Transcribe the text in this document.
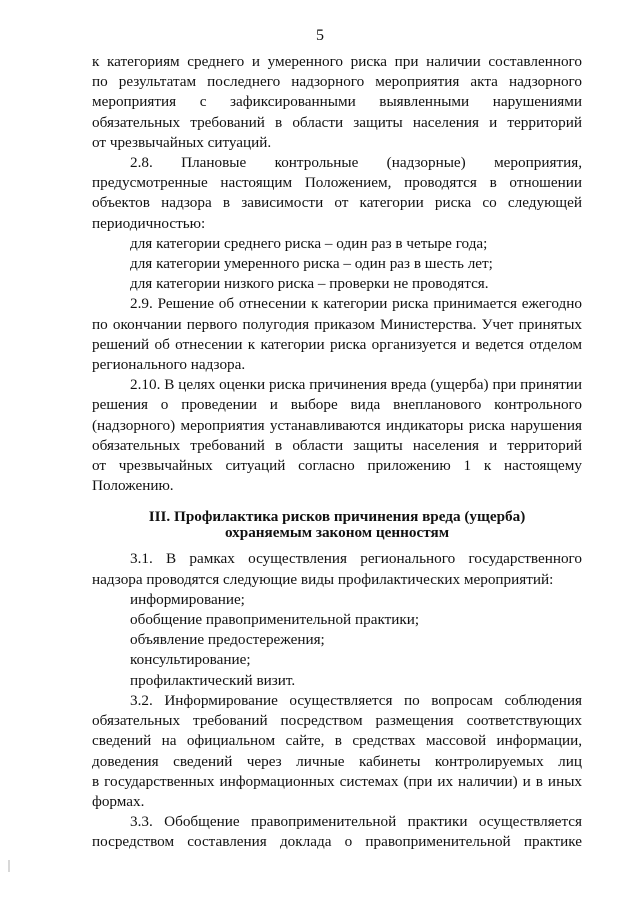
5

к категориям среднего и умеренного риска при наличии составленного

по результатам последнего надзорного мероприятия акта надзорного

мероприятия с зафиксированными выявленными нарушениями

обязательных требований в области защиты населения и территорий

от чрезвычайных ситуаций.

2.8. Плановые контрольные (надзорные) мероприятия,

предусмотренные настоящим Положением, проводятся в отношении

объектов надзора в зависимости от категории риска со следующей

периодичностью:

для категории среднего риска – один раз в четыре года;

для категории умеренного риска – один раз в шесть лет;

для категории низкого риска – проверки не проводятся.

2.9. Решение об отнесении к категории риска принимается ежегодно

по окончании первого полугодия приказом Министерства. Учет принятых

решений об отнесении к категории риска организуется и ведется отделом

регионального надзора.

2.10. В целях оценки риска причинения вреда (ущерба) при принятии

решения о проведении и выборе вида внепланового контрольного

(надзорного) мероприятия устанавливаются индикаторы риска нарушения

обязательных требований в области защиты населения и территорий

от чрезвычайных ситуаций согласно приложению 1 к настоящему

Положению.

III. Профилактика рисков причинения вреда (ущерба)

охраняемым законом ценностям

3.1. В рамках осуществления регионального государственного

надзора проводятся следующие виды профилактических мероприятий:

информирование;

обобщение правоприменительной практики;

объявление предостережения;

консультирование;

профилактический визит.

3.2. Информирование осуществляется по вопросам соблюдения

обязательных требований посредством размещения соответствующих

сведений на официальном сайте, в средствах массовой информации,

доведения сведений через личные кабинеты контролируемых лиц

в государственных информационных системах (при их наличии) и в иных

формах.

3.3. Обобщение правоприменительной практики осуществляется

посредством составления доклада о правоприменительной практике
